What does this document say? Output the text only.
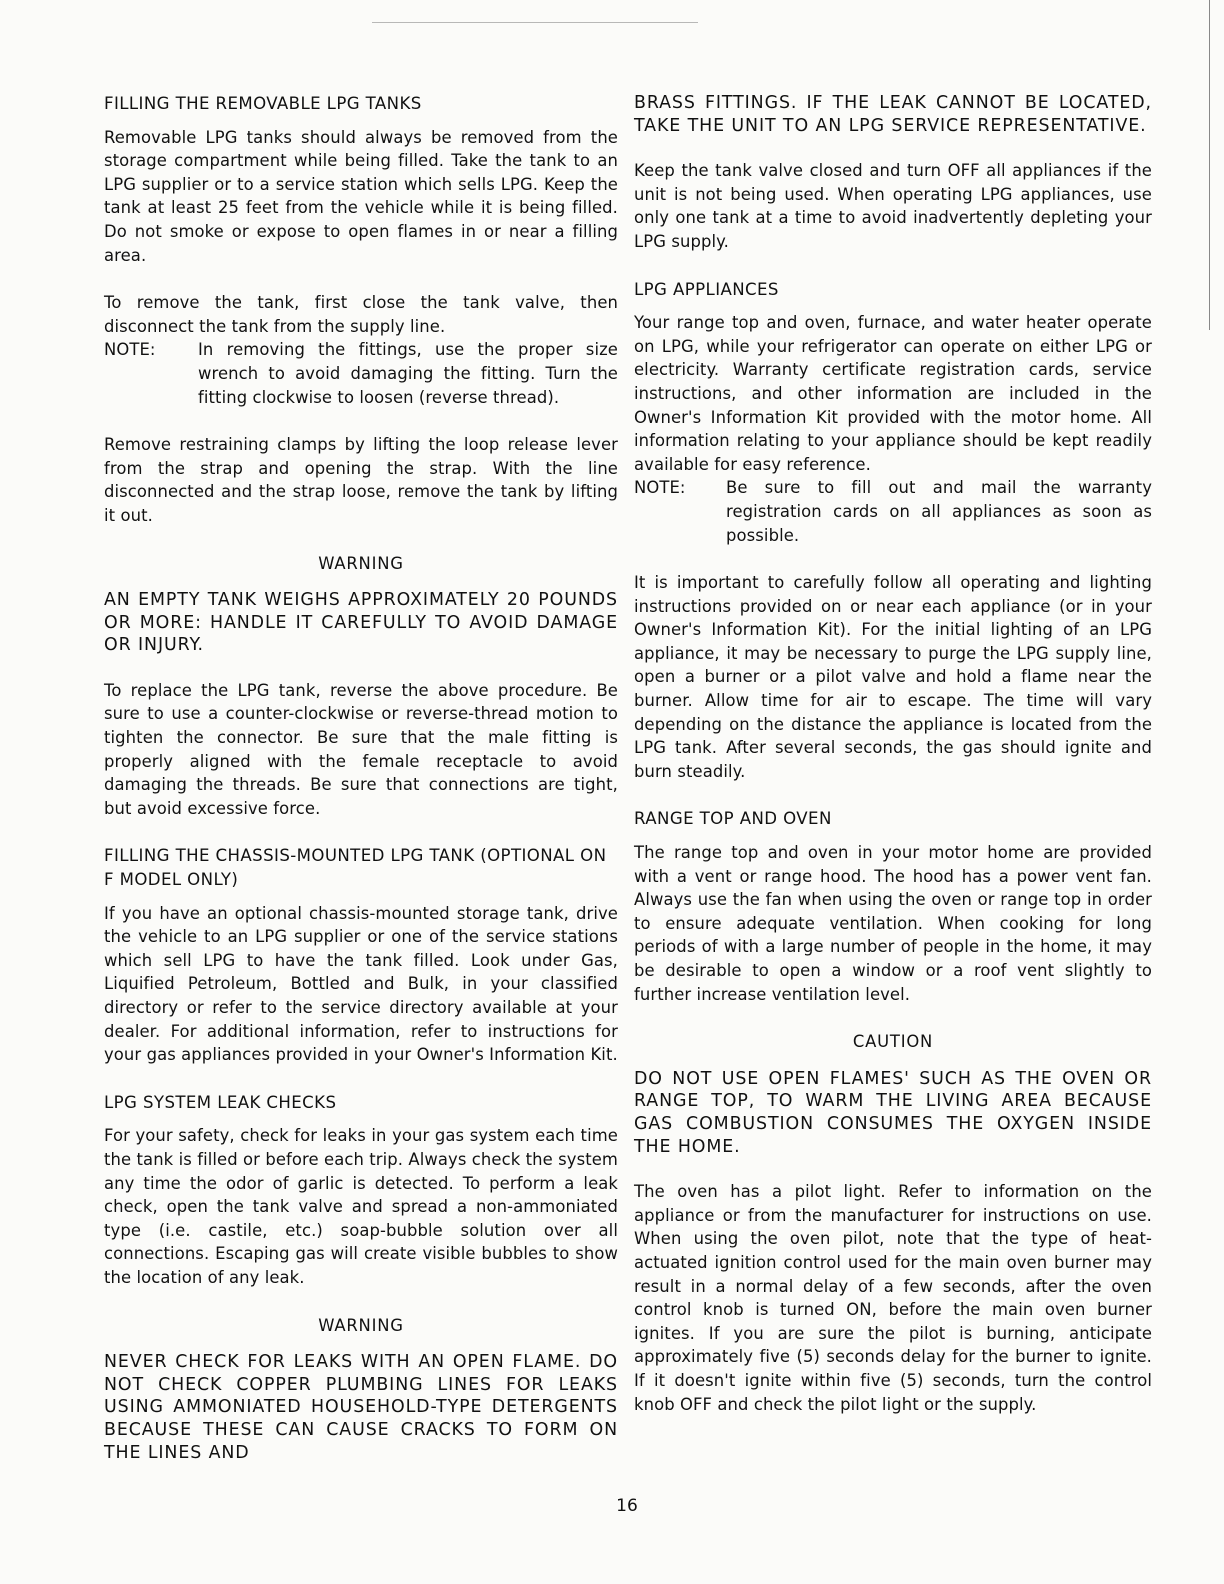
FILLING THE REMOVABLE LPG TANKS

Removable LPG tanks should always be removed from the storage compartment while being filled. Take the tank to an LPG supplier or to a service station which sells LPG. Keep the tank at least 25 feet from the vehicle while it is being filled. Do not smoke or expose to open flames in or near a filling area.

To remove the tank, first close the tank valve, then disconnect the tank from the supply line.

NOTE:	In removing the fittings, use the proper size wrench to avoid damaging the fitting. Turn the fitting clockwise to loosen (reverse thread).

Remove restraining clamps by lifting the loop release lever from the strap and opening the strap. With the line disconnected and the strap loose, remove the tank by lifting it out.

WARNING

AN EMPTY TANK WEIGHS APPROXIMATELY 20 POUNDS OR MORE: HANDLE IT CAREFULLY TO AVOID DAMAGE OR INJURY.

To replace the LPG tank, reverse the above procedure. Be sure to use a counter-clockwise or reverse-thread motion to tighten the connector. Be sure that the male fitting is properly aligned with the female receptacle to avoid damaging the threads. Be sure that connections are tight, but avoid excessive force.

FILLING THE CHASSIS-MOUNTED LPG TANK (OPTIONAL ON F MODEL ONLY)

If you have an optional chassis-mounted storage tank, drive the vehicle to an LPG supplier or one of the service stations which sell LPG to have the tank filled. Look under Gas, Liquified Petroleum, Bottled and Bulk, in your classified directory or refer to the service directory available at your dealer. For additional information, refer to instructions for your gas appliances provided in your Owner's Information Kit.

LPG SYSTEM LEAK CHECKS

For your safety, check for leaks in your gas system each time the tank is filled or before each trip. Always check the system any time the odor of garlic is detected. To perform a leak check, open the tank valve and spread a non-ammoniated type (i.e. castile, etc.) soap-bubble solution over all connections. Escaping gas will create visible bubbles to show the location of any leak.

WARNING

NEVER CHECK FOR LEAKS WITH AN OPEN FLAME. DO NOT CHECK COPPER PLUMBING LINES FOR LEAKS USING AMMONIATED HOUSEHOLD-TYPE DETERGENTS BECAUSE THESE CAN CAUSE CRACKS TO FORM ON THE LINES AND

BRASS FITTINGS. IF THE LEAK CANNOT BE LOCATED, TAKE THE UNIT TO AN LPG SERVICE REPRESENTATIVE.

Keep the tank valve closed and turn OFF all appliances if the unit is not being used. When operating LPG appliances, use only one tank at a time to avoid inadvertently depleting your LPG supply.

LPG APPLIANCES

Your range top and oven, furnace, and water heater operate on LPG, while your refrigerator can operate on either LPG or electricity. Warranty certificate registration cards, service instructions, and other information are included in the Owner's Information Kit provided with the motor home. All information relating to your appliance should be kept readily available for easy reference.

NOTE:	Be sure to fill out and mail the warranty registration cards on all appliances as soon as possible.

It is important to carefully follow all operating and lighting instructions provided on or near each appliance (or in your Owner's Information Kit). For the initial lighting of an LPG appliance, it may be necessary to purge the LPG supply line, open a burner or a pilot valve and hold a flame near the burner. Allow time for air to escape. The time will vary depending on the distance the appliance is located from the LPG tank. After several seconds, the gas should ignite and burn steadily.

RANGE TOP AND OVEN

The range top and oven in your motor home are provided with a vent or range hood. The hood has a power vent fan. Always use the fan when using the oven or range top in order to ensure adequate ventilation. When cooking for long periods of with a large number of people in the home, it may be desirable to open a window or a roof vent slightly to further increase ventilation level.

CAUTION

DO NOT USE OPEN FLAMES' SUCH AS THE OVEN OR RANGE TOP, TO WARM THE LIVING AREA BECAUSE GAS COMBUSTION CONSUMES THE OXYGEN INSIDE THE HOME.

The oven has a pilot light. Refer to information on the appliance or from the manufacturer for instructions on use. When using the oven pilot, note that the type of heat-actuated ignition control used for the main oven burner may result in a normal delay of a few seconds, after the oven control knob is turned ON, before the main oven burner ignites. If you are sure the pilot is burning, anticipate approximately five (5) seconds delay for the burner to ignite. If it doesn't ignite within five (5) seconds, turn the control knob OFF and check the pilot light or the supply.

16
